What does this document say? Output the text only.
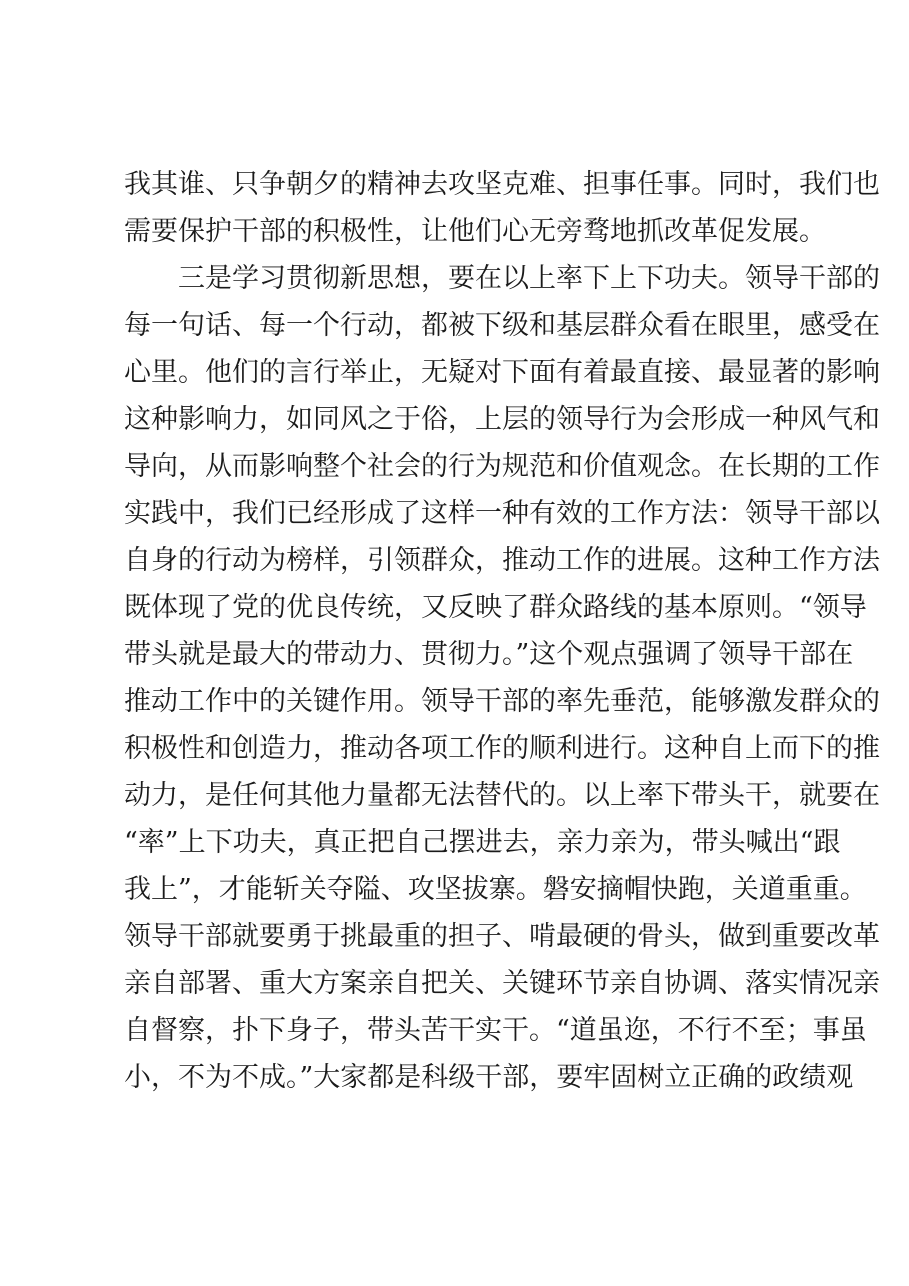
我其谁、只争朝夕的精神去攻坚克难、担事任事。同时，我们也
需要保护干部的积极性，让他们心无旁骛地抓改革促发展。
三是学习贯彻新思想，要在以上率下上下功夫。领导干部的
每一句话、每一个行动，都被下级和基层群众看在眼里，感受在
心里。他们的言行举止，无疑对下面有着最直接、最显著的影响
这种影响力，如同风之于俗，上层的领导行为会形成一种风气和
导向，从而影响整个社会的行为规范和价值观念。在长期的工作
实践中，我们已经形成了这样一种有效的工作方法：领导干部以
自身的行动为榜样，引领群众，推动工作的进展。这种工作方法
既体现了党的优良传统，又反映了群众路线的基本原则。“领导
带头就是最大的带动力、贯彻力。”这个观点强调了领导干部在
推动工作中的关键作用。领导干部的率先垂范，能够激发群众的
积极性和创造力，推动各项工作的顺利进行。这种自上而下的推
动力，是任何其他力量都无法替代的。以上率下带头干，就要在
“率”上下功夫，真正把自己摆进去，亲力亲为，带头喊出“跟
我上”，才能斩关夺隘、攻坚拔寨。磐安摘帽快跑，关道重重。
领导干部就要勇于挑最重的担子、啃最硬的骨头，做到重要改革
亲自部署、重大方案亲自把关、关键环节亲自协调、落实情况亲
自督察，扑下身子，带头苦干实干。“道虽迩，不行不至；事虽
小，不为不成。”大家都是科级干部，要牢固树立正确的政绩观
